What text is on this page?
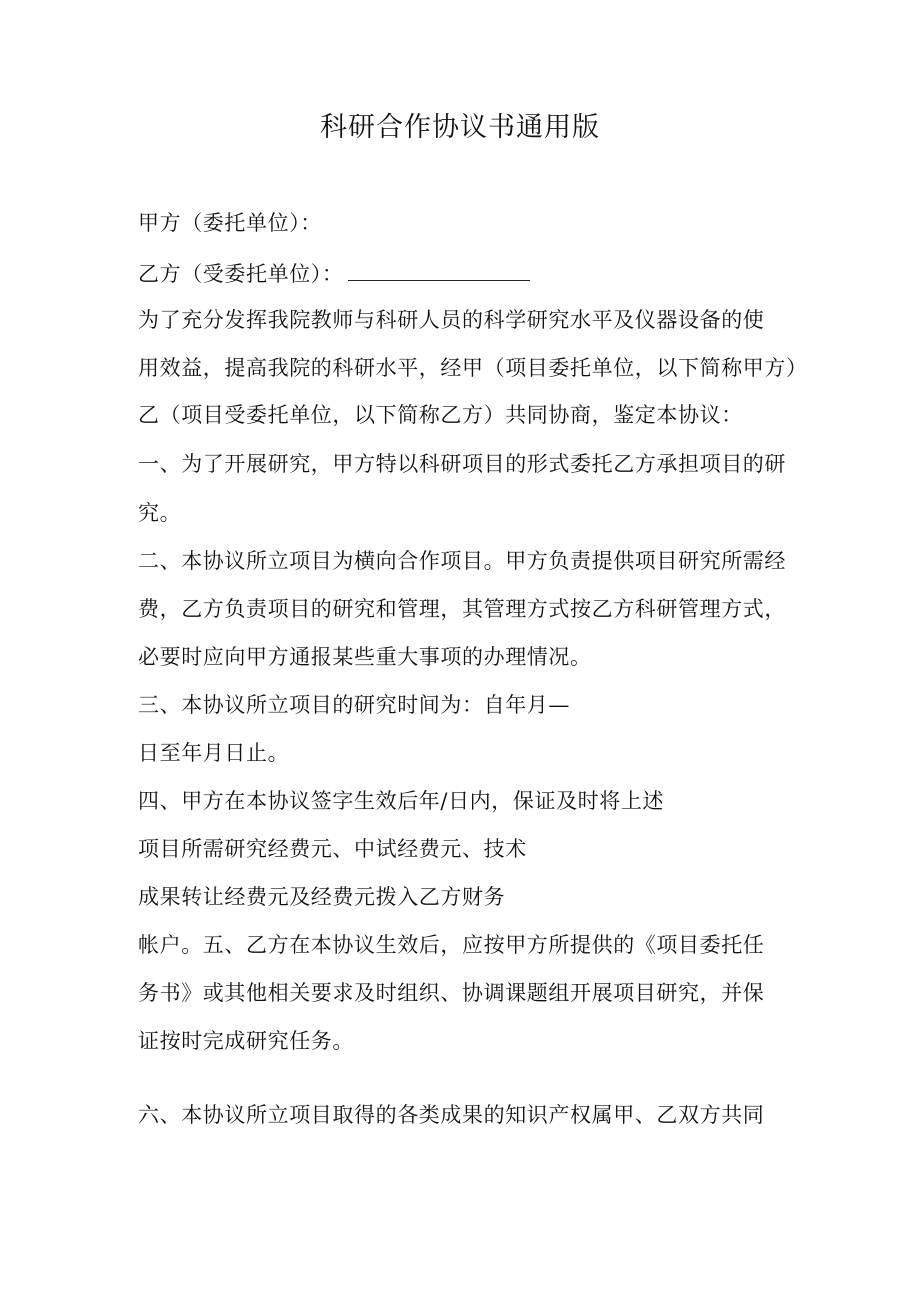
科研合作协议书通用版
甲方（委托单位）：
乙方（受委托单位）：
为了充分发挥我院教师与科研人员的科学研究水平及仪器设备的使
用效益，提高我院的科研水平，经甲（项目委托单位，以下简称甲方）
乙（项目受委托单位，以下简称乙方）共同协商，鉴定本协议：
一、为了开展研究，甲方特以科研项目的形式委托乙方承担项目的研
究。
二、本协议所立项目为横向合作项目。甲方负责提供项目研究所需经
费，乙方负责项目的研究和管理，其管理方式按乙方科研管理方式，
必要时应向甲方通报某些重大事项的办理情况。
三、本协议所立项目的研究时间为：自年月—
日至年月日止。
四、甲方在本协议签字生效后年/日内，保证及时将上述
项目所需研究经费元、中试经费元、技术
成果转让经费元及经费元拨入乙方财务
帐户。五、乙方在本协议生效后，应按甲方所提供的《项目委托任
务书》或其他相关要求及时组织、协调课题组开展项目研究，并保
证按时完成研究任务。
六、本协议所立项目取得的各类成果的知识产权属甲、乙双方共同
